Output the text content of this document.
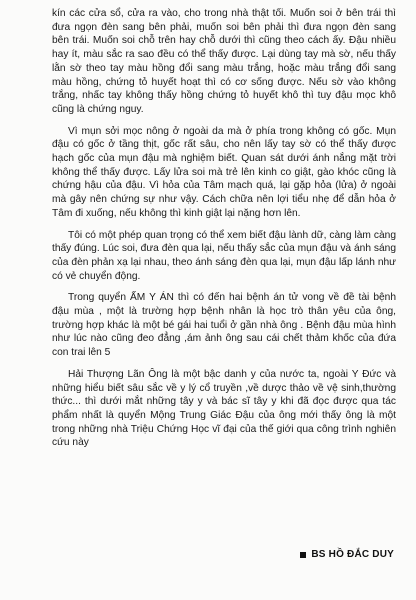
kín các cửa sổ, cửa ra vào, cho trong nhà thật tối. Muốn soi ở bên trái thì đưa ngọn đèn sang bên phải, muốn soi bên phải thì đưa ngọn đèn sang bên trái. Muốn soi chỗ trên hay chỗ dưới thì cũng theo cách ấy. Đậu nhiều hay ít, màu sắc ra sao đều có thể thấy được. Lại dùng tay mà sờ, nếu thấy lằn sờ theo tay màu hồng đổi sang màu trắng, hoặc màu trắng đổi sang màu hồng, chứng tỏ huyết hoạt thì có cơ sống được. Nếu sờ vào không trắng, nhấc tay không thấy hồng chứng tỏ huyết khô thì tuy đậu mọc khô cũng là chứng nguy.

Vì mụn sởi mọc nông ở ngoài da mà ở phía trong không có gốc. Mụn đậu có gốc ở tầng thịt, gốc rất sâu, cho nên lấy tay sờ có thể thấy được hạch gốc của mụn đậu mà nghiệm biết. Quan sát dưới ánh nắng mặt trời không thể thấy được. Lấy lửa soi mà trẻ lên kinh co giật, gào khóc cũng là chứng hậu của đậu. Vì hỏa của Tâm mạch quá, lại gặp hỏa (lửa) ở ngoài mà gây nên chứng sự như vậy. Cách chữa nên lợi tiểu nhẹ để dẫn hỏa ở Tâm đi xuống, nếu không thì kinh giật lại nặng hơn lên.

Tôi có một phép quan trọng có thể xem biết đậu lành dữ, càng làm càng thấy đúng. Lúc soi, đưa đèn qua lại, nếu thấy sắc của mụn đậu và ánh sáng của đèn phản xạ lại nhau, theo ánh sáng đèn qua lại, mụn đậu lấp lánh như có vẻ chuyển động.

Trong quyển ẤM Y ÁN thì có đến hai bệnh án tử vong về đề tài bệnh đậu mùa , một là trường hợp bệnh nhân là học trò thân yêu của ông, trường hợp khác là một bé gái hai tuổi ở gần nhà ông . Bệnh đậu mùa hình như lúc nào cũng đeo đẳng ,ám ảnh ông sau cái chết thảm khốc của đứa con trai lên 5

Hải Thượng Lãn Ông là một bậc danh y của nước ta, ngoài Y Đức và những hiểu biết sâu sắc về y lý cổ truyền ,về dược thảo về vệ sinh,thường thức... thì dưới mắt những tây y và bác sĩ tây y khi đã đọc được qua tác phẩm nhất là quyển Mộng Trung Giác Đậu của ông mới thấy ông là một trong những nhà Triệu Chứng Học vĩ đại của thế giới qua công trình nghiên cứu này

BS HỒ ĐẮC DUY
